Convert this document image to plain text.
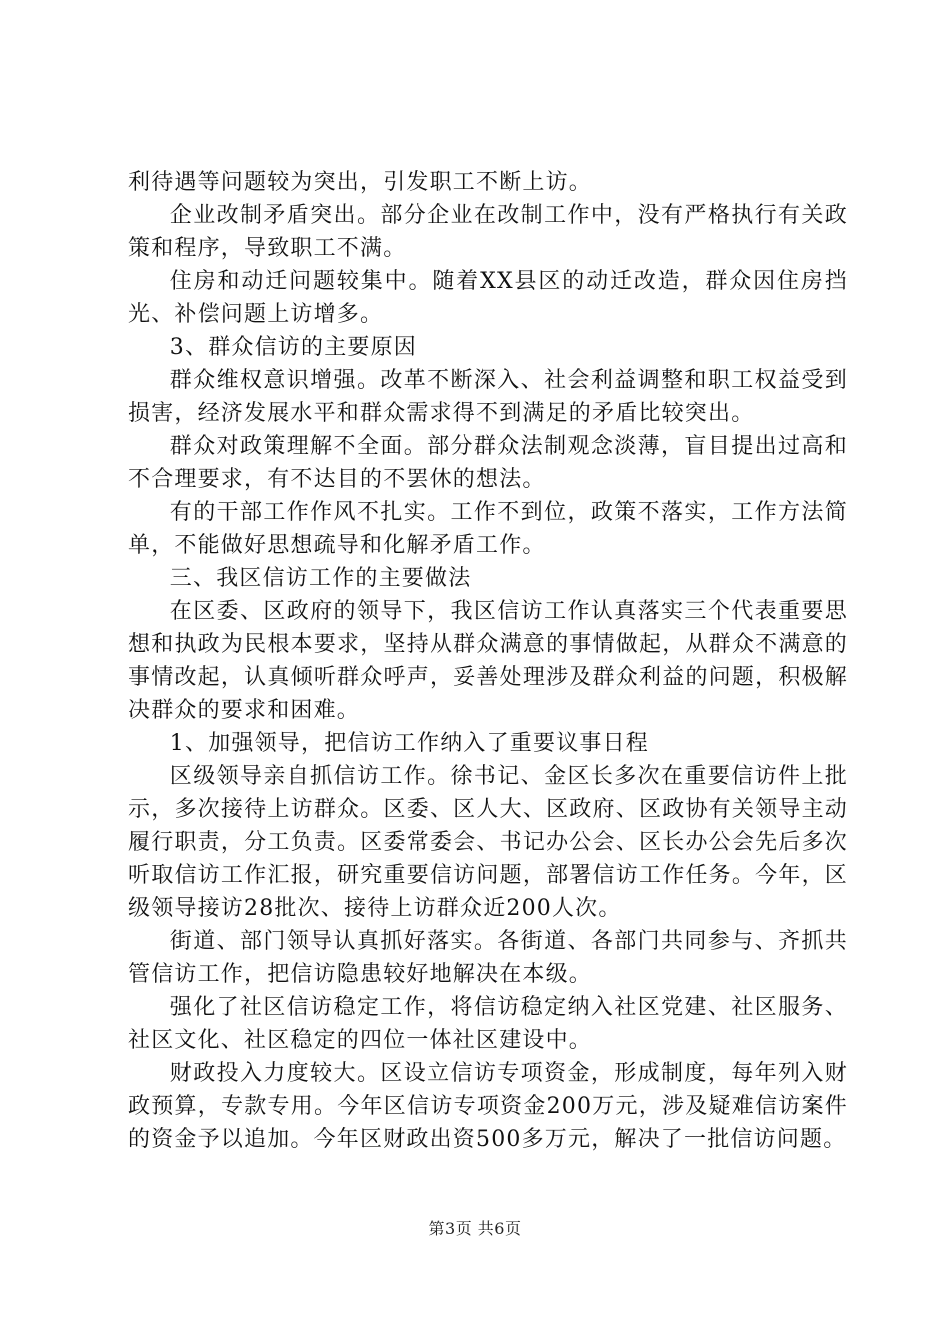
利待遇等问题较为突出，引发职工不断上访。

企业改制矛盾突出。部分企业在改制工作中，没有严格执行有关政策和程序，导致职工不满。

住房和动迁问题较集中。随着XX县区的动迁改造，群众因住房挡光、补偿问题上访增多。

3、群众信访的主要原因

群众维权意识增强。改革不断深入、社会利益调整和职工权益受到损害，经济发展水平和群众需求得不到满足的矛盾比较突出。

群众对政策理解不全面。部分群众法制观念淡薄，盲目提出过高和不合理要求，有不达目的不罢休的想法。

有的干部工作作风不扎实。工作不到位，政策不落实，工作方法简单，不能做好思想疏导和化解矛盾工作。

三、我区信访工作的主要做法

在区委、区政府的领导下，我区信访工作认真落实三个代表重要思想和执政为民根本要求，坚持从群众满意的事情做起，从群众不满意的事情改起，认真倾听群众呼声，妥善处理涉及群众利益的问题，积极解决群众的要求和困难。

1、加强领导，把信访工作纳入了重要议事日程

区级领导亲自抓信访工作。徐书记、金区长多次在重要信访件上批示，多次接待上访群众。区委、区人大、区政府、区政协有关领导主动履行职责，分工负责。区委常委会、书记办公会、区长办公会先后多次听取信访工作汇报，研究重要信访问题，部署信访工作任务。今年，区级领导接访28批次、接待上访群众近200人次。

街道、部门领导认真抓好落实。各街道、各部门共同参与、齐抓共管信访工作，把信访隐患较好地解决在本级。

强化了社区信访稳定工作，将信访稳定纳入社区党建、社区服务、社区文化、社区稳定的四位一体社区建设中。

财政投入力度较大。区设立信访专项资金，形成制度，每年列入财政预算，专款专用。今年区信访专项资金200万元，涉及疑难信访案件的资金予以追加。今年区财政出资500多万元，解决了一批信访问题。

第3页 共6页
